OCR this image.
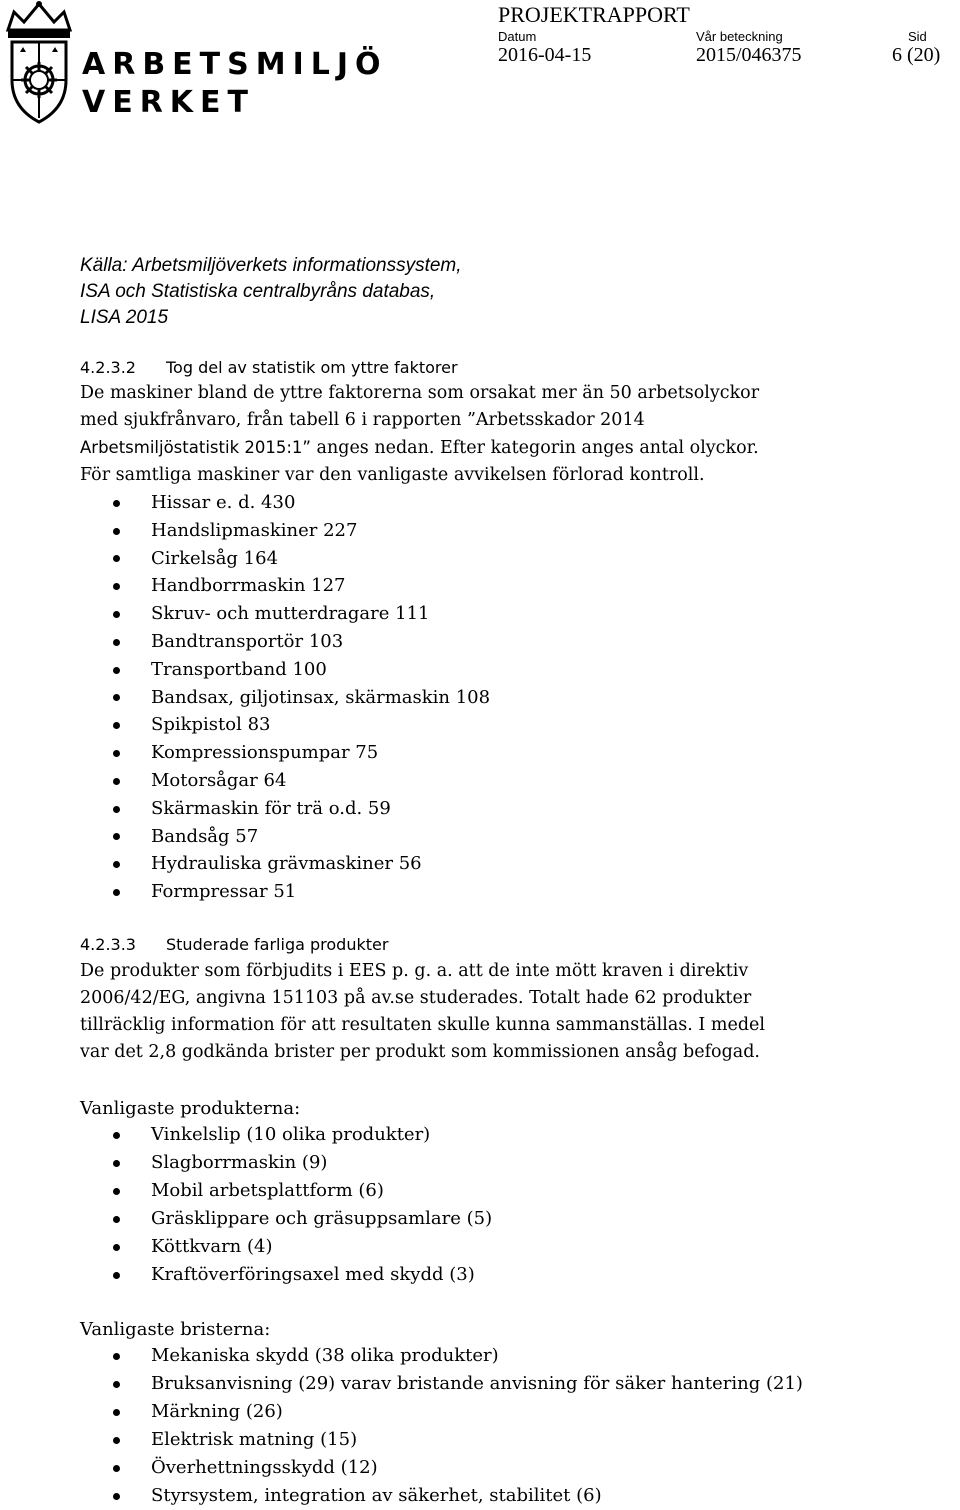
ARBETSMILJÖ
VERKET
PROJEKTRAPPORT
Datum
2016-04-15
Vår beteckning
2015/046375
Sid
6 (20)
Källa: Arbetsmiljöverkets informationssystem,
ISA och Statistiska centralbyråns databas,
LISA 2015
4.2.3.2 Tog del av statistik om yttre faktorer
De maskiner bland de yttre faktorerna som orsakat mer än 50 arbetsolyckor
med sjukfrånvaro, från tabell 6 i rapporten ”Arbetsskador 2014
Arbetsmiljöstatistik 2015:1” anges nedan. Efter kategorin anges antal olyckor.
För samtliga maskiner var den vanligaste avvikelsen förlorad kontroll.
Hissar e. d. 430
Handslipmaskiner 227
Cirkelsåg 164
Handborrmaskin 127
Skruv- och mutterdragare 111
Bandtransportör 103
Transportband 100
Bandsax, giljotinsax, skärmaskin 108
Spikpistol 83
Kompressionspumpar 75
Motorsågar 64
Skärmaskin för trä o.d. 59
Bandsåg 57
Hydrauliska grävmaskiner 56
Formpressar 51
4.2.3.3 Studerade farliga produkter
De produkter som förbjudits i EES p. g. a. att de inte mött kraven i direktiv
2006/42/EG, angivna 151103 på av.se studerades. Totalt hade 62 produkter
tillräcklig information för att resultaten skulle kunna sammanställas. I medel
var det 2,8 godkända brister per produkt som kommissionen ansåg befogad.
Vanligaste produkterna:
Vinkelslip (10 olika produkter)
Slagborrmaskin (9)
Mobil arbetsplattform (6)
Gräsklippare och gräsuppsamlare (5)
Köttkvarn (4)
Kraftöverföringsaxel med skydd (3)
Vanligaste bristerna:
Mekaniska skydd (38 olika produkter)
Bruksanvisning (29) varav bristande anvisning för säker hantering (21)
Märkning (26)
Elektrisk matning (15)
Överhettningsskydd (12)
Styrsystem, integration av säkerhet, stabilitet (6)
